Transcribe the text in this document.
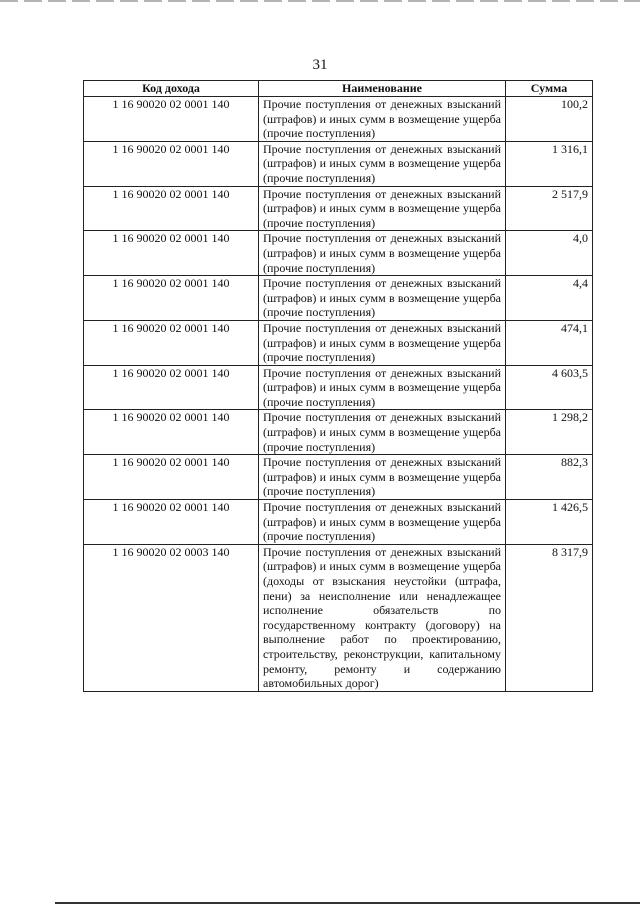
31
Код дохода	Наименование	Сумма
1 16 90020 02 0001 140	Прочие поступления от денежных взысканий (штрафов) и иных сумм в возмещение ущерба (прочие поступления)	100,2
1 16 90020 02 0001 140	Прочие поступления от денежных взысканий (штрафов) и иных сумм в возмещение ущерба (прочие поступления)	1 316,1
1 16 90020 02 0001 140	Прочие поступления от денежных взысканий (штрафов) и иных сумм в возмещение ущерба (прочие поступления)	2 517,9
1 16 90020 02 0001 140	Прочие поступления от денежных взысканий (штрафов) и иных сумм в возмещение ущерба (прочие поступления)	4,0
1 16 90020 02 0001 140	Прочие поступления от денежных взысканий (штрафов) и иных сумм в возмещение ущерба (прочие поступления)	4,4
1 16 90020 02 0001 140	Прочие поступления от денежных взысканий (штрафов) и иных сумм в возмещение ущерба (прочие поступления)	474,1
1 16 90020 02 0001 140	Прочие поступления от денежных взысканий (штрафов) и иных сумм в возмещение ущерба (прочие поступления)	4 603,5
1 16 90020 02 0001 140	Прочие поступления от денежных взысканий (штрафов) и иных сумм в возмещение ущерба (прочие поступления)	1 298,2
1 16 90020 02 0001 140	Прочие поступления от денежных взысканий (штрафов) и иных сумм в возмещение ущерба (прочие поступления)	882,3
1 16 90020 02 0001 140	Прочие поступления от денежных взысканий (штрафов) и иных сумм в возмещение ущерба (прочие поступления)	1 426,5
1 16 90020 02 0003 140	Прочие поступления от денежных взысканий (штрафов) и иных сумм в возмещение ущерба (доходы от взыскания неустойки (штрафа, пени) за неисполнение или ненадлежащее исполнение обязательств по государственному контракту (договору) на выполнение работ по проектированию, строительству, реконструкции, капитальному ремонту, ремонту и содержанию автомобильных дорог)	8 317,9
